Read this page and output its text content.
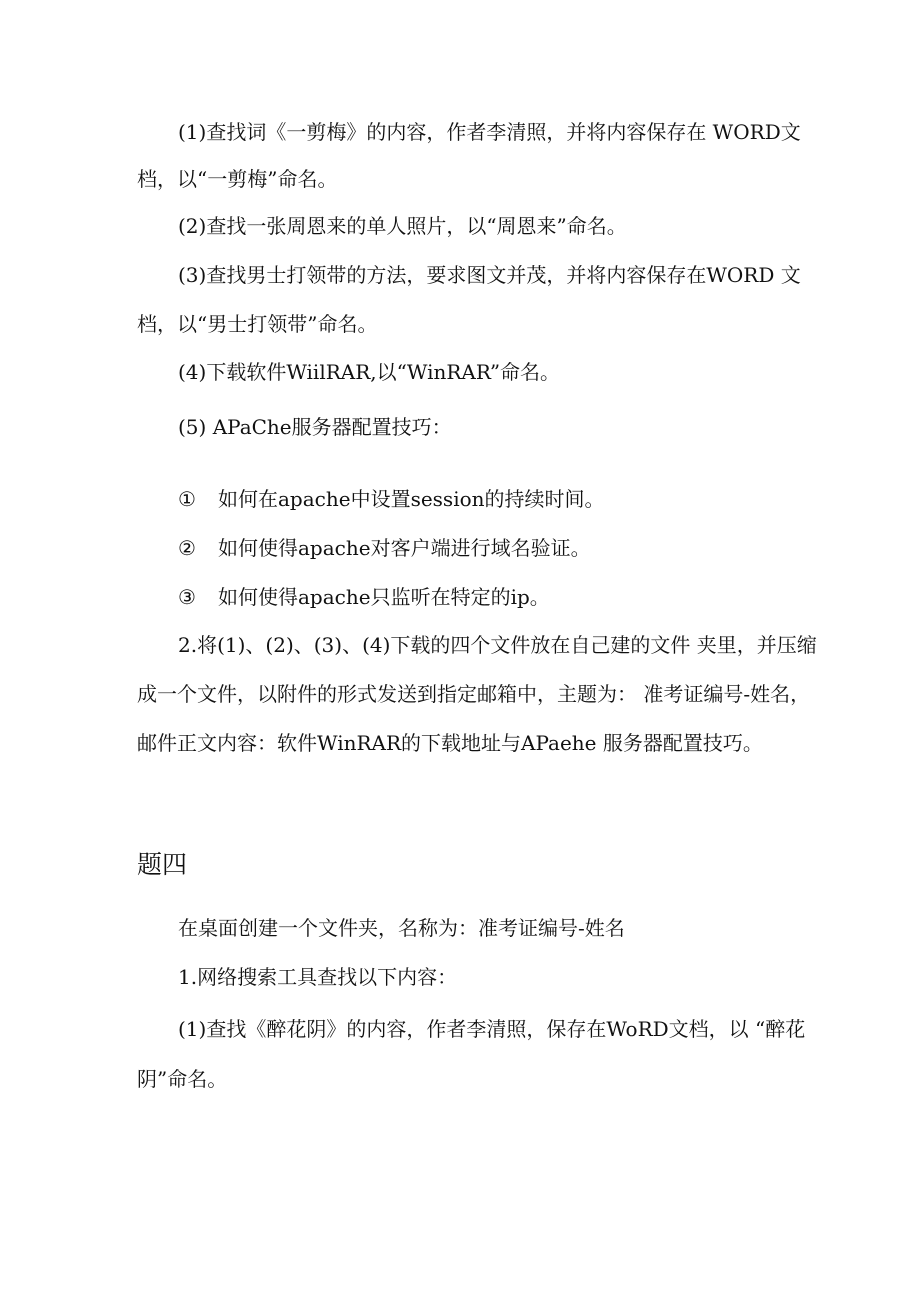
(1)查找词《一剪梅》的内容，作者李清照，并将内容保存在 WORD文
档，以“一剪梅”命名。
(2)查找一张周恩来的单人照片，以“周恩来”命名。
(3)查找男士打领带的方法，要求图文并茂，并将内容保存在WORD 文
档，以“男士打领带”命名。
(4)下载软件WiilRAR,以“WinRAR”命名。
(5) APaChe服务器配置技巧：
① 如何在apache中设置session的持续时间。
② 如何使得apache对客户端进行域名验证。
③ 如何使得apache只监听在特定的ip。
2.将(1)、(2)、(3)、(4)下载的四个文件放在自己建的文件 夹里，并压缩
成一个文件，以附件的形式发送到指定邮箱中，主题为： 准考证编号-姓名，
邮件正文内容：软件WinRAR的下载地址与APaehe 服务器配置技巧。
题四
在桌面创建一个文件夹，名称为：准考证编号-姓名
1.网络搜索工具查找以下内容：
(1)查找《醉花阴》的内容，作者李清照，保存在WoRD文档，以 “醉花
阴”命名。
